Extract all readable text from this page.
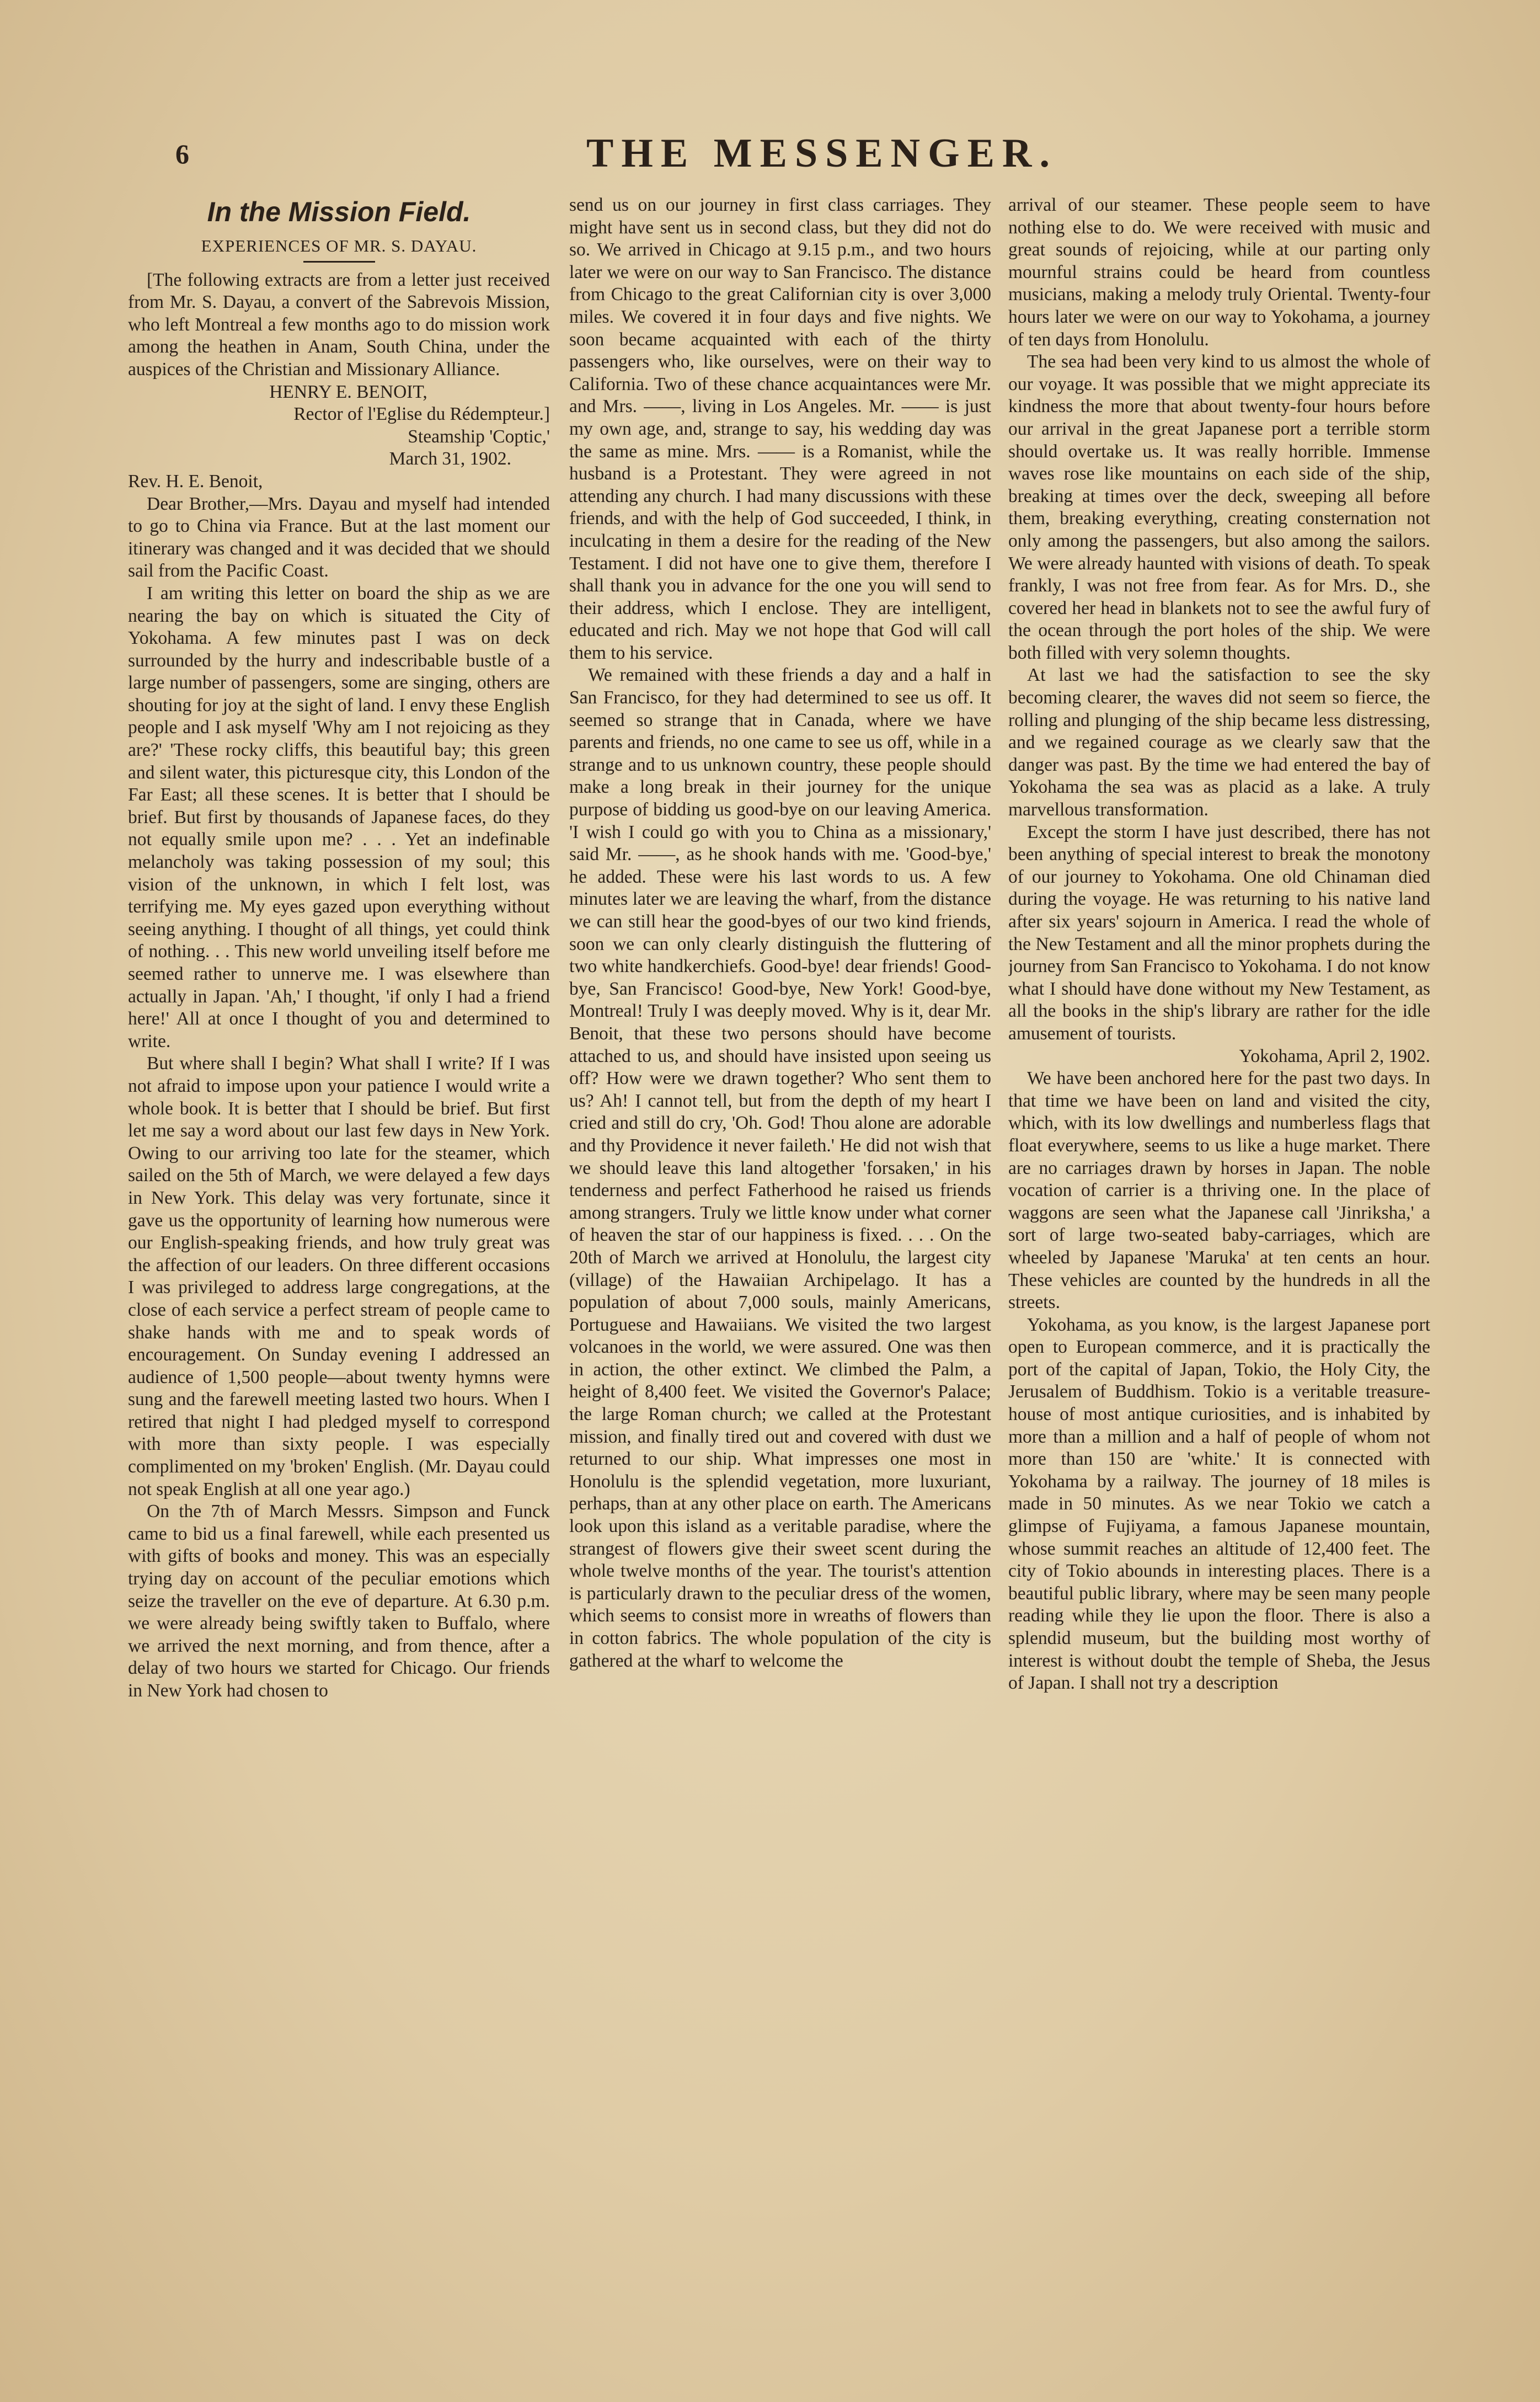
6	THE MESSENGER.
In the Mission Field.
EXPERIENCES OF MR. S. DAYAU.

[The following extracts are from a letter just received from Mr. S. Dayau, a convert of the Sabrevois Mission, who left Montreal a few months ago to do mission work among the heathen in Anam, South China, under the auspices of the Christian and Missionary Alliance.

HENRY E. BENOIT,

Rector of l'Eglise du Rédempteur.]

Steamship 'Coptic,'

March 31, 1902.

Rev. H. E. Benoit,

Dear Brother,—Mrs. Dayau and myself had intended to go to China via France. But at the last moment our itinerary was changed and it was decided that we should sail from the Pacific Coast.

I am writing this letter on board the ship as we are nearing the bay on which is situated the City of Yokohama. A few minutes past I was on deck surrounded by the hurry and indescribable bustle of a large number of passengers, some are singing, others are shouting for joy at the sight of land. I envy these English people and I ask myself 'Why am I not rejoicing as they are?' 'These rocky cliffs, this beautiful bay; this green and silent water, this picturesque city, this London of the Far East; all these scenes. It is better that I should be brief. But first by thousands of Japanese faces, do they not equally smile upon me? . . . Yet an indefinable melancholy was taking possession of my soul; this vision of the unknown, in which I felt lost, was terrifying me. My eyes gazed upon everything without seeing anything. I thought of all things, yet could think of nothing. . . This new world unveiling itself before me seemed rather to unnerve me. I was elsewhere than actually in Japan. 'Ah,' I thought, 'if only I had a friend here!' All at once I thought of you and determined to write.

But where shall I begin? What shall I write? If I was not afraid to impose upon your patience I would write a whole book. It is better that I should be brief. But first let me say a word about our last few days in New York. Owing to our arriving too late for the steamer, which sailed on the 5th of March, we were delayed a few days in New York. This delay was very fortunate, since it gave us the opportunity of learning how numerous were our English-speaking friends, and how truly great was the affection of our leaders. On three different occasions I was privileged to address large congregations, at the close of each service a perfect stream of people came to shake hands with me and to speak words of encouragement. On Sunday evening I addressed an audience of 1,500 people—about twenty hymns were sung and the farewell meeting lasted two hours. When I retired that night I had pledged myself to correspond with more than sixty people. I was especially complimented on my 'broken' English. (Mr. Dayau could not speak English at all one year ago.)

On the 7th of March Messrs. Simpson and Funck came to bid us a final farewell, while each presented us with gifts of books and money. This was an especially trying day on account of the peculiar emotions which seize the traveller on the eve of departure. At 6.30 p.m. we were already being swiftly taken to Buffalo, where we arrived the next morning, and from thence, after a delay of two hours we started for Chicago. Our friends in New York had chosen to

send us on our journey in first class carriages. They might have sent us in second class, but they did not do so. We arrived in Chicago at 9.15 p.m., and two hours later we were on our way to San Francisco. The distance from Chicago to the great Californian city is over 3,000 miles. We covered it in four days and five nights. We soon became acquainted with each of the thirty passengers who, like ourselves, were on their way to California. Two of these chance acquaintances were Mr. and Mrs. ——, living in Los Angeles. Mr. —— is just my own age, and, strange to say, his wedding day was the same as mine. Mrs. —— is a Romanist, while the husband is a Protestant. They were agreed in not attending any church. I had many discussions with these friends, and with the help of God succeeded, I think, in inculcating in them a desire for the reading of the New Testament. I did not have one to give them, therefore I shall thank you in advance for the one you will send to their address, which I enclose. They are intelligent, educated and rich. May we not hope that God will call them to his service.

We remained with these friends a day and a half in San Francisco, for they had determined to see us off. It seemed so strange that in Canada, where we have parents and friends, no one came to see us off, while in a strange and to us unknown country, these people should make a long break in their journey for the unique purpose of bidding us good-bye on our leaving America. 'I wish I could go with you to China as a missionary,' said Mr. ——, as he shook hands with me. 'Good-bye,' he added. These were his last words to us. A few minutes later we are leaving the wharf, from the distance we can still hear the good-byes of our two kind friends, soon we can only clearly distinguish the fluttering of two white handkerchiefs. Good-bye! dear friends! Good-bye, San Francisco! Good-bye, New York! Good-bye, Montreal! Truly I was deeply moved. Why is it, dear Mr. Benoit, that these two persons should have become attached to us, and should have insisted upon seeing us off? How were we drawn together? Who sent them to us? Ah! I cannot tell, but from the depth of my heart I cried and still do cry, 'Oh. God! Thou alone are adorable and thy Providence it never faileth.' He did not wish that we should leave this land altogether 'forsaken,' in his tenderness and perfect Fatherhood he raised us friends among strangers. Truly we little know under what corner of heaven the star of our happiness is fixed. . . . On the 20th of March we arrived at Honolulu, the largest city (village) of the Hawaiian Archipelago. It has a population of about 7,000 souls, mainly Americans, Portuguese and Hawaiians. We visited the two largest volcanoes in the world, we were assured. One was then in action, the other extinct. We climbed the Palm, a height of 8,400 feet. We visited the Governor's Palace; the large Roman church; we called at the Protestant mission, and finally tired out and covered with dust we returned to our ship. What impresses one most in Honolulu is the splendid vegetation, more luxuriant, perhaps, than at any other place on earth. The Americans look upon this island as a veritable paradise, where the strangest of flowers give their sweet scent during the whole twelve months of the year. The tourist's attention is particularly drawn to the peculiar dress of the women, which seems to consist more in wreaths of flowers than in cotton fabrics. The whole population of the city is gathered at the wharf to welcome the

arrival of our steamer. These people seem to have nothing else to do. We were received with music and great sounds of rejoicing, while at our parting only mournful strains could be heard from countless musicians, making a melody truly Oriental. Twenty-four hours later we were on our way to Yokohama, a journey of ten days from Honolulu.

The sea had been very kind to us almost the whole of our voyage. It was possible that we might appreciate its kindness the more that about twenty-four hours before our arrival in the great Japanese port a terrible storm should overtake us. It was really horrible. Immense waves rose like mountains on each side of the ship, breaking at times over the deck, sweeping all before them, breaking everything, creating consternation not only among the passengers, but also among the sailors. We were already haunted with visions of death. To speak frankly, I was not free from fear. As for Mrs. D., she covered her head in blankets not to see the awful fury of the ocean through the port holes of the ship. We were both filled with very solemn thoughts.

At last we had the satisfaction to see the sky becoming clearer, the waves did not seem so fierce, the rolling and plunging of the ship became less distressing, and we regained courage as we clearly saw that the danger was past. By the time we had entered the bay of Yokohama the sea was as placid as a lake. A truly marvellous transformation.

Except the storm I have just described, there has not been anything of special interest to break the monotony of our journey to Yokohama. One old Chinaman died during the voyage. He was returning to his native land after six years' sojourn in America. I read the whole of the New Testament and all the minor prophets during the journey from San Francisco to Yokohama. I do not know what I should have done without my New Testament, as all the books in the ship's library are rather for the idle amusement of tourists.

Yokohama, April 2, 1902.

We have been anchored here for the past two days. In that time we have been on land and visited the city, which, with its low dwellings and numberless flags that float everywhere, seems to us like a huge market. There are no carriages drawn by horses in Japan. The noble vocation of carrier is a thriving one. In the place of waggons are seen what the Japanese call 'Jinriksha,' a sort of large two-seated baby-carriages, which are wheeled by Japanese 'Maruka' at ten cents an hour. These vehicles are counted by the hundreds in all the streets.

Yokohama, as you know, is the largest Japanese port open to European commerce, and it is practically the port of the capital of Japan, Tokio, the Holy City, the Jerusalem of Buddhism. Tokio is a veritable treasure-house of most antique curiosities, and is inhabited by more than a million and a half of people of whom not more than 150 are 'white.' It is connected with Yokohama by a railway. The journey of 18 miles is made in 50 minutes. As we near Tokio we catch a glimpse of Fujiyama, a famous Japanese mountain, whose summit reaches an altitude of 12,400 feet. The city of Tokio abounds in interesting places. There is a beautiful public library, where may be seen many people reading while they lie upon the floor. There is also a splendid museum, but the building most worthy of interest is without doubt the temple of Sheba, the Jesus of Japan. I shall not try a description
